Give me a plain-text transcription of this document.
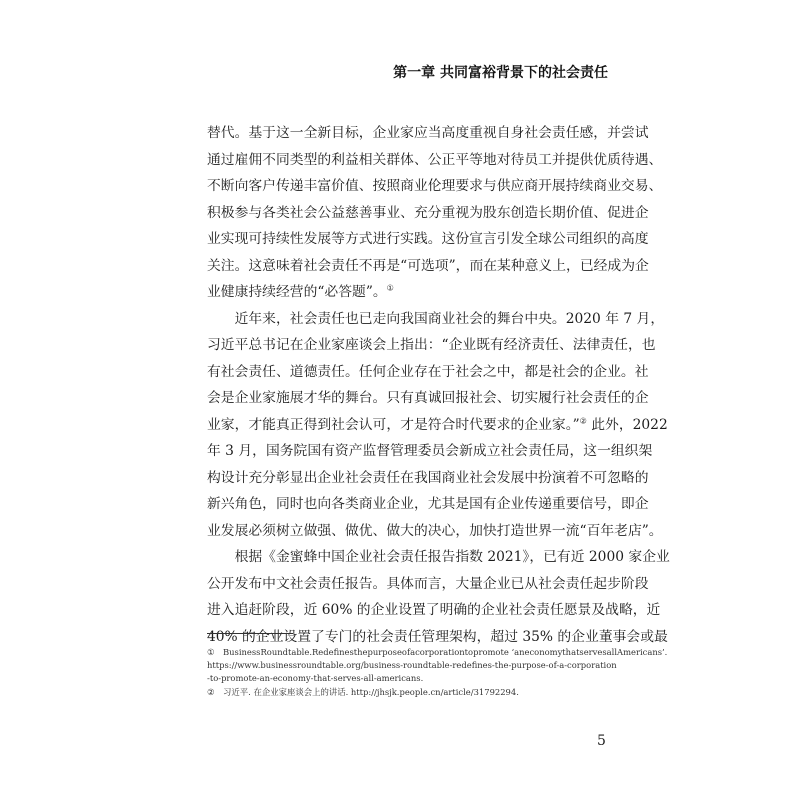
第一章 共同富裕背景下的社会责任
替代。基于这一全新目标，企业家应当高度重视自身社会责任感，并尝试
通过雇佣不同类型的利益相关群体、公正平等地对待员工并提供优质待遇、
不断向客户传递丰富价值、按照商业伦理要求与供应商开展持续商业交易、
积极参与各类社会公益慈善事业、充分重视为股东创造长期价值、促进企
业实现可持续性发展等方式进行实践。这份宣言引发全球公司组织的高度
关注。这意味着社会责任不再是“可选项”，而在某种意义上，已经成为企
业健康持续经营的“必答题”。①
近年来，社会责任也已走向我国商业社会的舞台中央。2020 年 7 月，
习近平总书记在企业家座谈会上指出：“企业既有经济责任、法律责任，也
有社会责任、道德责任。任何企业存在于社会之中，都是社会的企业。社
会是企业家施展才华的舞台。只有真诚回报社会、切实履行社会责任的企
业家，才能真正得到社会认可，才是符合时代要求的企业家。”② 此外，2022
年 3 月，国务院国有资产监督管理委员会新成立社会责任局，这一组织架
构设计充分彰显出企业社会责任在我国商业社会发展中扮演着不可忽略的
新兴角色，同时也向各类商业企业，尤其是国有企业传递重要信号，即企
业发展必须树立做强、做优、做大的决心，加快打造世界一流“百年老店”。
根据《金蜜蜂中国企业社会责任报告指数 2021》，已有近 2000 家企业
公开发布中文社会责任报告。具体而言，大量企业已从社会责任起步阶段
进入追赶阶段，近 60% 的企业设置了明确的企业社会责任愿景及战略，近
40% 的企业设置了专门的社会责任管理架构，超过 35% 的企业董事会或最
① BusinessRoundtable.Redefinesthepurposeofacorporationtopromote ‘aneconomythatservesallAmericans’.
https://www.businessroundtable.org/business-roundtable-redefines-the-purpose-of-a-corporation
-to-promote-an-economy-that-serves-all-americans.
② 习近平. 在企业家座谈会上的讲话. http://jhsjk.people.cn/article/31792294.
5
